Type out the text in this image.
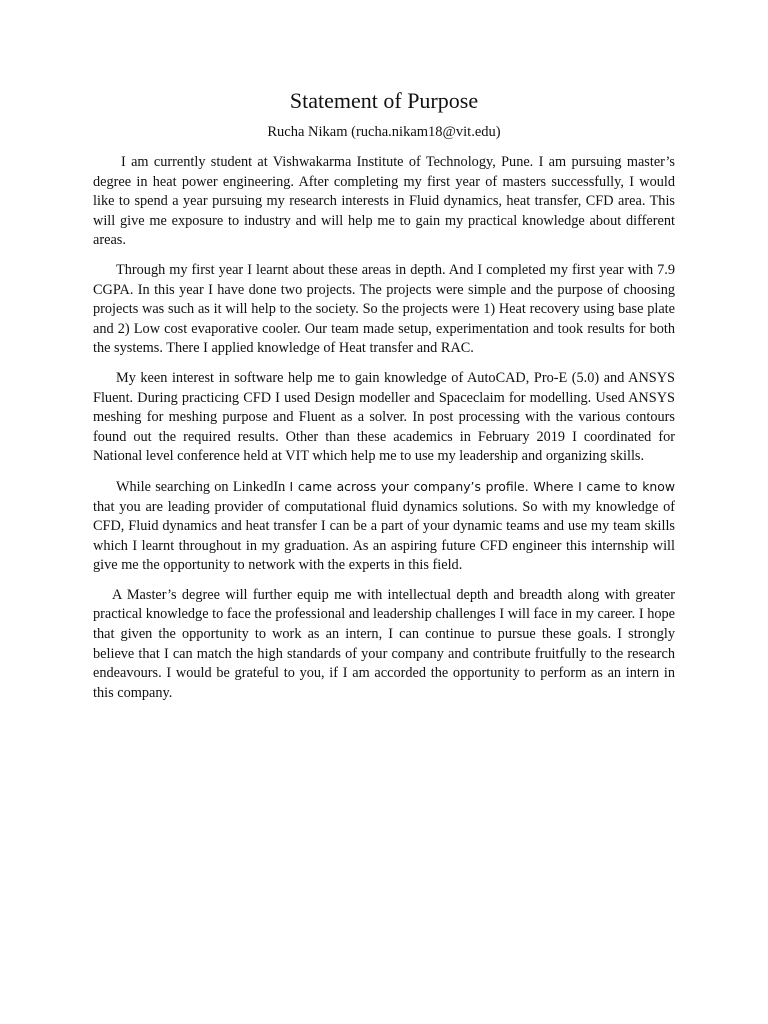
Statement of Purpose

Rucha Nikam (rucha.nikam18@vit.edu)

I am currently student at Vishwakarma Institute of Technology, Pune. I am pursuing master’s degree in heat power engineering. After completing my first year of masters successfully, I would like to spend a year pursuing my research interests in Fluid dynamics, heat transfer, CFD area. This will give me exposure to industry and will help me to gain my practical knowledge about different areas.

Through my first year I learnt about these areas in depth. And I completed my first year with 7.9 CGPA. In this year I have done two projects. The projects were simple and the purpose of choosing projects was such as it will help to the society. So the projects were 1) Heat recovery using base plate and 2) Low cost evaporative cooler. Our team made setup, experimentation and took results for both the systems. There I applied knowledge of Heat transfer and RAC.

My keen interest in software help me to gain knowledge of AutoCAD, Pro-E (5.0) and ANSYS Fluent. During practicing CFD I used Design modeller and Spaceclaim for modelling. Used ANSYS meshing for meshing purpose and Fluent as a solver. In post processing with the various contours found out the required results. Other than these academics in February 2019 I coordinated for National level conference held at VIT which help me to use my leadership and organizing skills.

While searching on LinkedIn I came across your company’s profile. Where I came to know that you are leading provider of computational fluid dynamics solutions. So with my knowledge of CFD, Fluid dynamics and heat transfer I can be a part of your dynamic teams and use my team skills which I learnt throughout in my graduation. As an aspiring future CFD engineer this internship will give me the opportunity to network with the experts in this field.

A Master’s degree will further equip me with intellectual depth and breadth along with greater practical knowledge to face the professional and leadership challenges I will face in my career. I hope that given the opportunity to work as an intern, I can continue to pursue these goals. I strongly believe that I can match the high standards of your company and contribute fruitfully to the research endeavours. I would be grateful to you, if I am accorded the opportunity to perform as an intern in this company.
